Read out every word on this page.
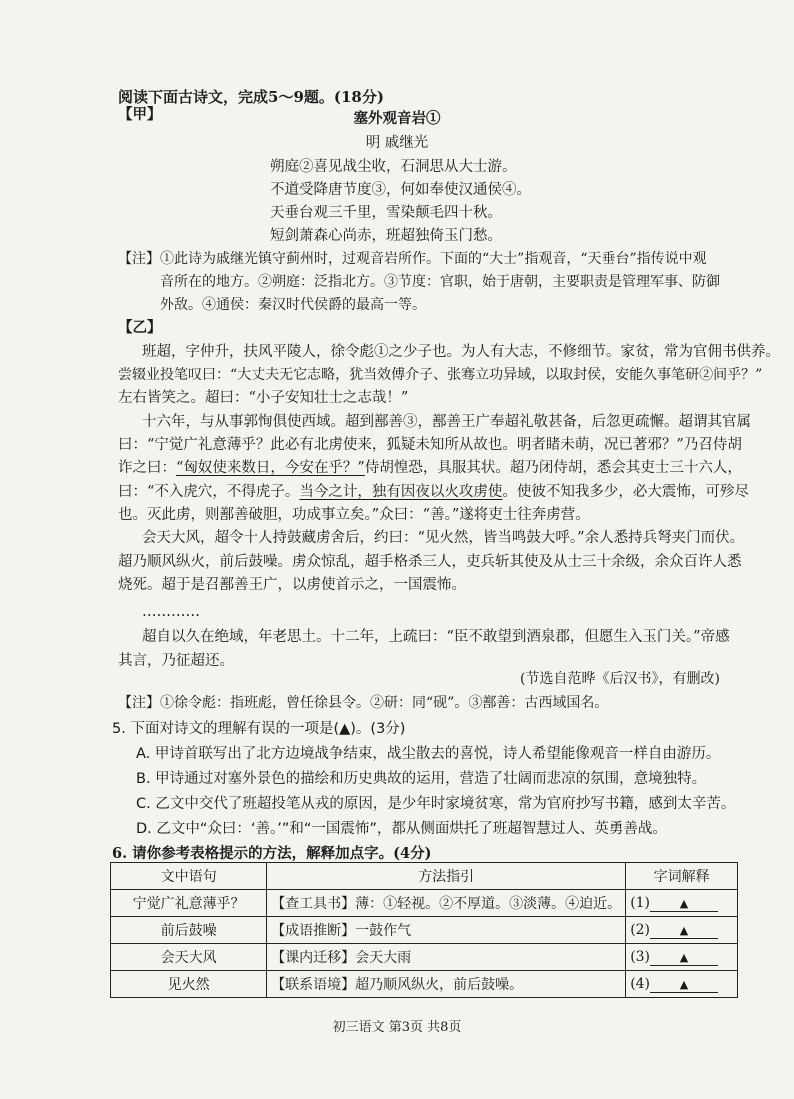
阅读下面古诗文，完成5～9题。(18分)
【甲】	塞外观音岩①
明 戚继光
朔庭②喜见战尘收，石洞思从大士游。
不道受降唐节度③，何如奉使汉通侯④。
天垂台观三千里，雪染颠毛四十秋。
短剑萧森心尚赤，班超独倚玉门愁。
【注】①此诗为戚继光镇守蓟州时，过观音岩所作。下面的“大士”指观音，“天垂台”指传说中观
音所在的地方。②朔庭：泛指北方。③节度：官职，始于唐朝，主要职责是管理军事、防御
外敌。④通侯：秦汉时代侯爵的最高一等。
【乙】
班超，字仲升，扶风平陵人，徐令彪①之少子也。为人有大志，不修细节。家贫，常为官佣书供养。
尝辍业投笔叹曰：“大丈夫无它志略，犹当效傅介子、张骞立功异域，以取封侯，安能久事笔研②间乎？”
左右皆笑之。超曰：“小子安知壮士之志哉！”
十六年，与从事郭恂俱使西域。超到鄯善③，鄯善王广奉超礼敬甚备，后忽更疏懈。超谓其官属
曰：“宁觉广礼意薄乎？此必有北虏使来，狐疑未知所从故也。明者睹未萌，况已著邪？”乃召侍胡
诈之曰：“匈奴使来数日，今安在乎？”侍胡惶恐，具服其状。超乃闭侍胡，悉会其吏士三十六人，
曰：“不入虎穴，不得虎子。当今之计，独有因夜以火攻虏使。使彼不知我多少，必大震怖，可殄尽
也。灭此虏，则鄯善破胆，功成事立矣。”众曰：“善。”遂将吏士往奔虏营。
会天大风，超令十人持鼓藏虏舍后，约曰：“见火然，皆当鸣鼓大呼。”余人悉持兵弩夹门而伏。
超乃顺风纵火，前后鼓噪。虏众惊乱，超手格杀三人，吏兵斩其使及从士三十余级，余众百许人悉
烧死。超于是召鄯善王广，以虏使首示之，一国震怖。
…………
超自以久在绝域，年老思土。十二年，上疏曰：“臣不敢望到酒泉郡，但愿生入玉门关。”帝感
其言，乃征超还。
(节选自范晔《后汉书》，有删改)
【注】①徐令彪：指班彪，曾任徐县令。②研：同“砚”。③鄯善：古西域国名。
5. 下面对诗文的理解有误的一项是(▲)。(3分)
A. 甲诗首联写出了北方边境战争结束，战尘散去的喜悦，诗人希望能像观音一样自由游历。
B. 甲诗通过对塞外景色的描绘和历史典故的运用，营造了壮阔而悲凉的氛围，意境独特。
C. 乙文中交代了班超投笔从戎的原因，是少年时家境贫寒，常为官府抄写书籍，感到太辛苦。
D. 乙文中“众曰：‘善。’”和“一国震怖”，都从侧面烘托了班超智慧过人、英勇善战。
6. 请你参考表格提示的方法，解释加点字。(4分)
文中语句	方法指引	字词解释
宁觉广礼意薄乎？	【查工具书】薄：①轻视。②不厚道。③淡薄。④迫近。	(1) ▲
前后鼓噪	【成语推断】一鼓作气	(2) ▲
会天大风	【课内迁移】会天大雨	(3) ▲
见火然	【联系语境】超乃顺风纵火，前后鼓噪。	(4) ▲
初三语文 第3页 共8页
